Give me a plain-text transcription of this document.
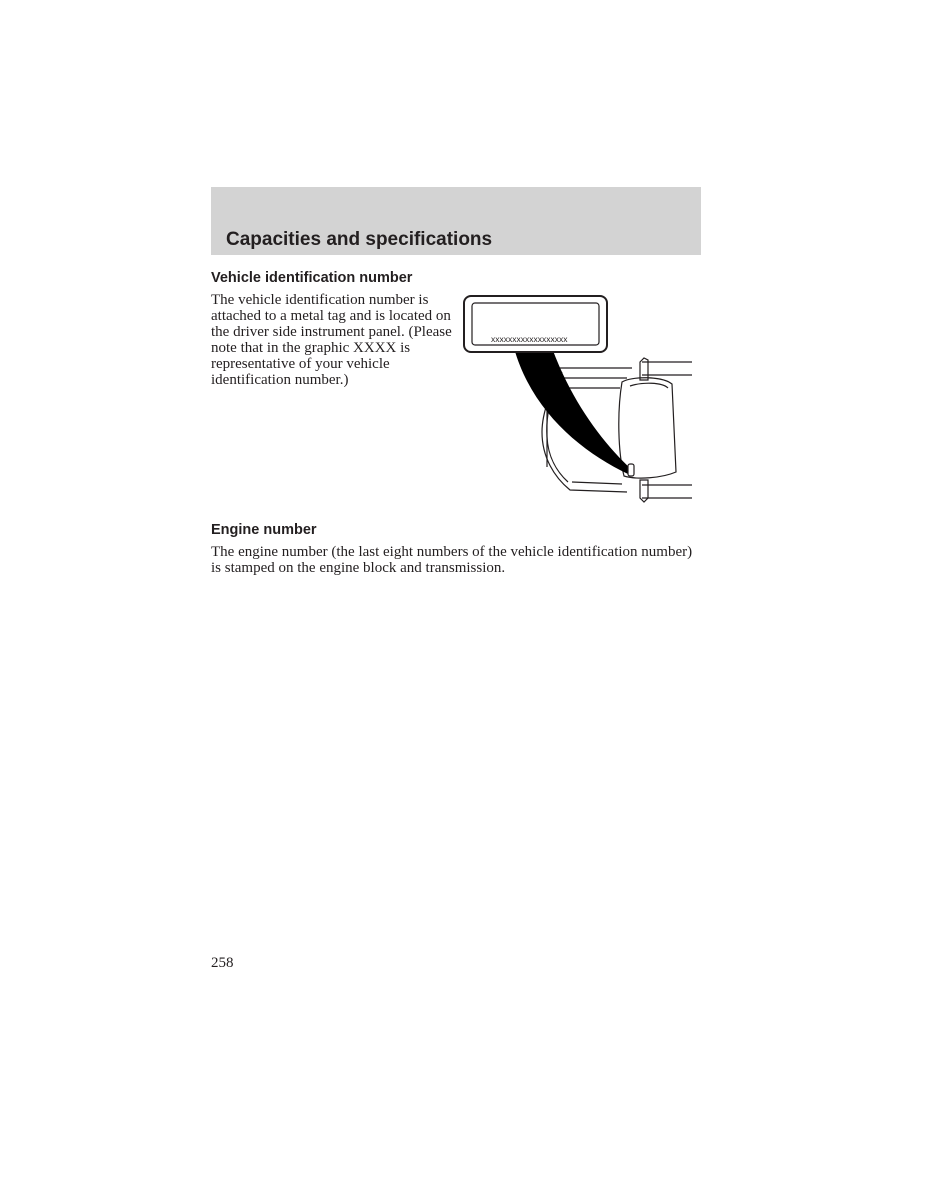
Capacities and specifications
Vehicle identification number

The vehicle identification number is attached to a metal tag and is located on the driver side instrument panel. (Please note that in the graphic XXXX is representative of your vehicle identification number.)

xxxxxxxxxxxxxxxxxx
Engine number

The engine number (the last eight numbers of the vehicle identification number) is stamped on the engine block and transmission.

258
